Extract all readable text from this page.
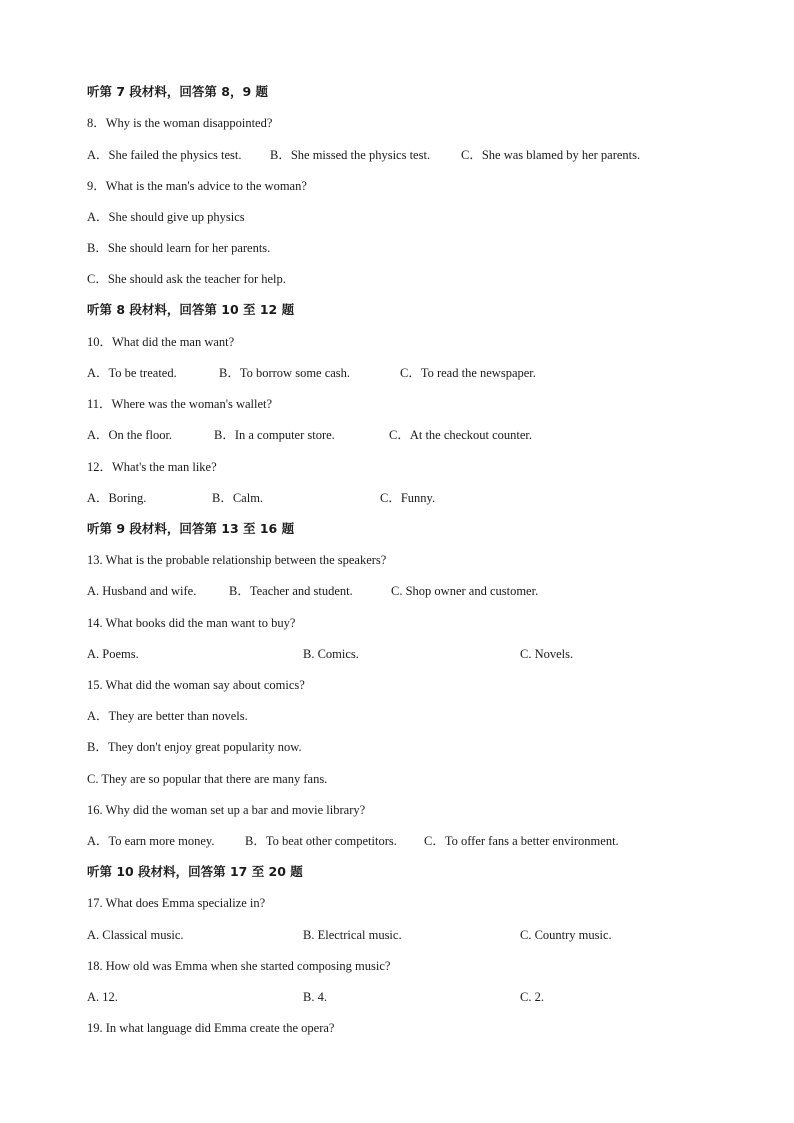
听第 7 段材料，回答第 8，9 题
8．Why is the woman disappointed?
A．She failed the physics test. B．She missed the physics test. C．She was blamed by her parents.
9．What is the man's advice to the woman?
A．She should give up physics
B．She should learn for her parents.
C．She should ask the teacher for help.
听第 8 段材料，回答第 10 至 12 题
10．What did the man want?
A．To be treated.	B．To borrow some cash.	C．To read the newspaper.
11．Where was the woman's wallet?
A．On the floor.	B．In a computer store.	C．At the checkout counter.
12．What's the man like?
A．Boring.	B．Calm.	C．Funny.
听第 9 段材料，回答第 13 至 16 题
13. What is the probable relationship between the speakers?
A. Husband and wife.	B．Teacher and student.	C. Shop owner and customer.
14. What books did the man want to buy?
A. Poems.	B. Comics.	C. Novels.
15. What did the woman say about comics?
A．They are better than novels.
B．They don't enjoy great popularity now.
C. They are so popular that there are many fans.
16. Why did the woman set up a bar and movie library?
A．To earn more money. B．To beat other competitors. C．To offer fans a better environment.
听第 10 段材料，回答第 17 至 20 题
17. What does Emma specialize in?
A. Classical music.	B. Electrical music.	C. Country music.
18. How old was Emma when she started composing music?
A. 12.	B. 4.	C. 2.
19. In what language did Emma create the opera?
